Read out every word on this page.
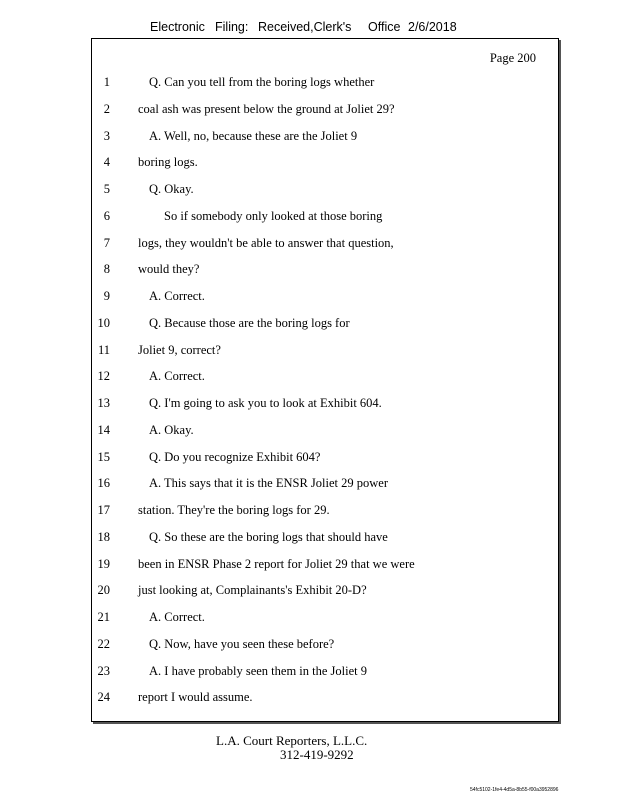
Electronic Filing: Received,Clerk's Office 2/6/2018
Page 200
1	Q. Can you tell from the boring logs whether
2 coal ash was present below the ground at Joliet 29?
3	A. Well, no, because these are the Joliet 9
4 boring logs.
5	Q. Okay.
6	So if somebody only looked at those boring
7 logs, they wouldn't be able to answer that question,
8 would they?
9	A. Correct.
10	Q. Because those are the boring logs for
11 Joliet 9, correct?
12	A. Correct.
13	Q. I'm going to ask you to look at Exhibit 604.
14	A. Okay.
15	Q. Do you recognize Exhibit 604?
16	A. This says that it is the ENSR Joliet 29 power
17 station. They're the boring logs for 29.
18	Q. So these are the boring logs that should have
19 been in ENSR Phase 2 report for Joliet 29 that we were
20 just looking at, Complainants's Exhibit 20-D?
21	A. Correct.
22	Q. Now, have you seen these before?
23	A. I have probably seen them in the Joliet 9
24 report I would assume.
L.A. Court Reporters, L.L.C.
312-419-9292
54fc5102-1fe4-4d5a-8b55-f00a3952896
